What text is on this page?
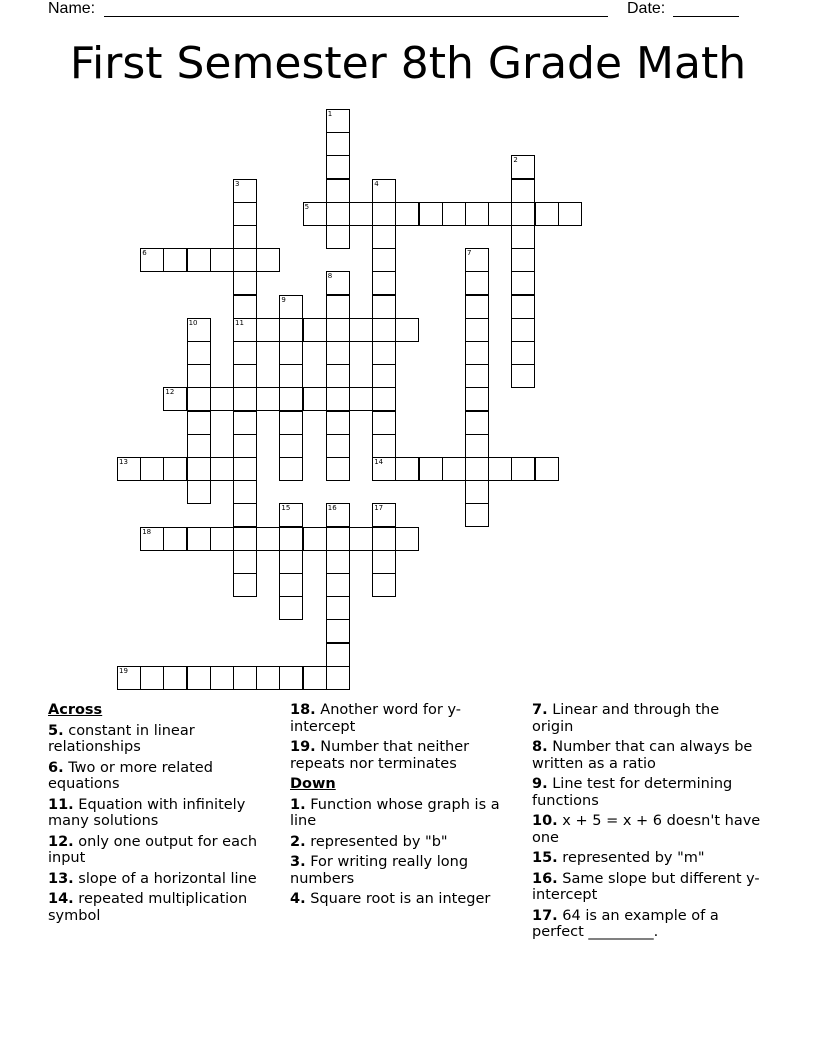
Name:	Date:
First Semester 8th Grade Math
5
6
11
12
13	14
18
19
1
2
3	4
7
8
9
10
15	16	17
Across
5. constant in linear relationships
6. Two or more related equations
11. Equation with infinitely many solutions
12. only one output for each input
13. slope of a horizontal line
14. repeated multiplication symbol
18. Another word for y-intercept
19. Number that neither repeats nor terminates
Down
1. Function whose graph is a line
2. represented by "b"
3. For writing really long numbers
4. Square root is an integer
7. Linear and through the origin
8. Number that can always be written as a ratio
9. Line test for determining functions
10. x + 5 = x + 6 doesn't have one
15. represented by "m"
16. Same slope but different y-intercept
17. 64 is an example of a perfect _________.
